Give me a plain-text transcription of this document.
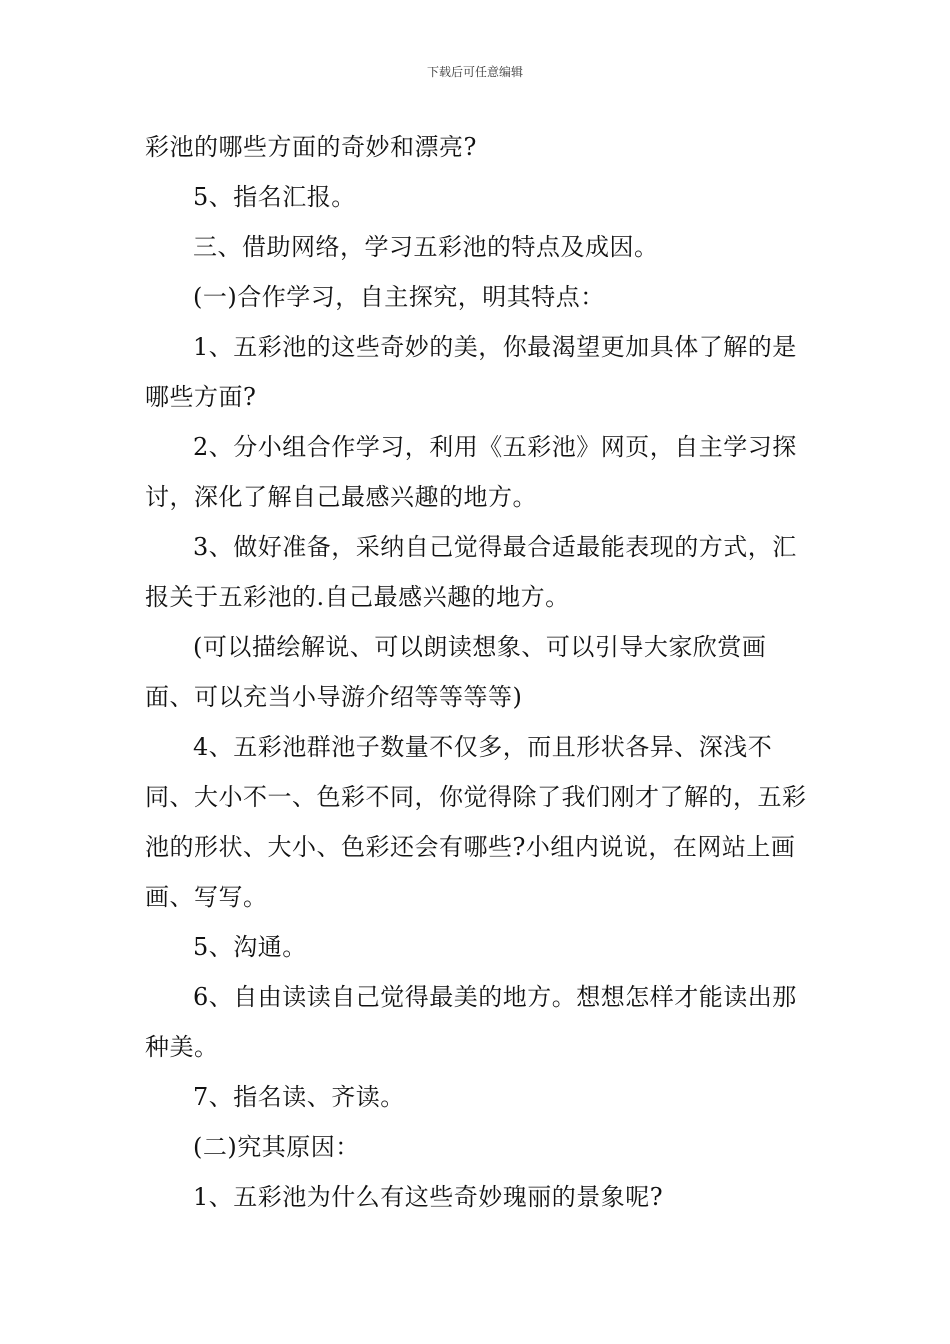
下载后可任意编辑

彩池的哪些方面的奇妙和漂亮?

5、指名汇报。

三、借助网络，学习五彩池的特点及成因。

(一)合作学习，自主探究，明其特点：

1、五彩池的这些奇妙的美，你最渴望更加具体了解的是哪些方面?

2、分小组合作学习，利用《五彩池》网页，自主学习探讨，深化了解自己最感兴趣的地方。

3、做好准备，采纳自己觉得最合适最能表现的方式，汇报关于五彩池的.自己最感兴趣的地方。

(可以描绘解说、可以朗读想象、可以引导大家欣赏画面、可以充当小导游介绍等等等等)

4、五彩池群池子数量不仅多，而且形状各异、深浅不同、大小不一、色彩不同，你觉得除了我们刚才了解的，五彩池的形状、大小、色彩还会有哪些?小组内说说，在网站上画画、写写。

5、沟通。

6、自由读读自己觉得最美的地方。想想怎样才能读出那种美。

7、指名读、齐读。

(二)究其原因：

1、五彩池为什么有这些奇妙瑰丽的景象呢?
